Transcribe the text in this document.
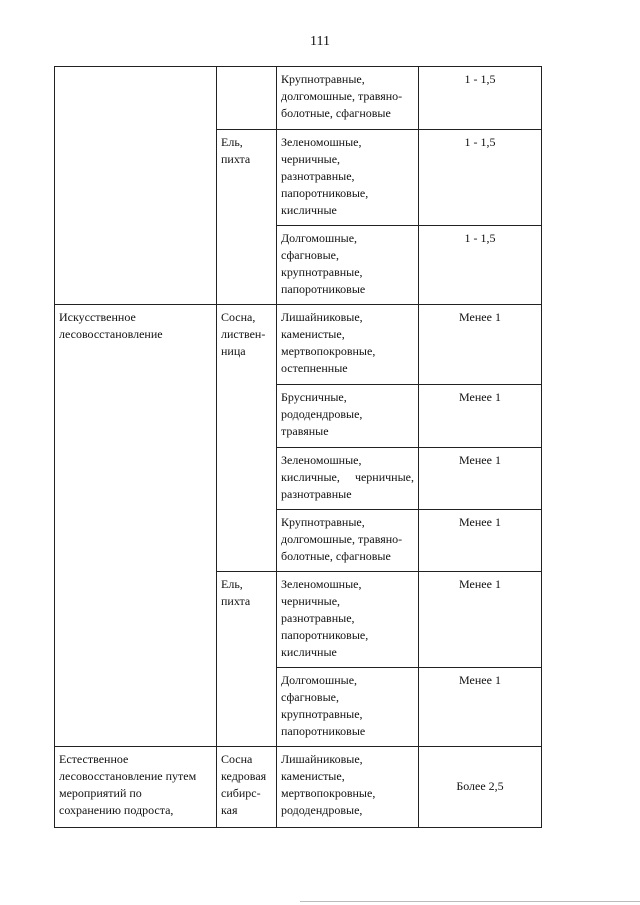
111

		Крупнотравные,
долгомошные, травяно-
болотные, сфагновые	1 - 1,5

	Ель,
пихта	Зеленомошные,
черничные,
разнотравные,
папоротниковые,
кисличные	1 - 1,5

		Долгомошные,
сфагновые,
крупнотравные,
папоротниковые	1 - 1,5

Искусственное
лесовосстановление	Сосна,
листвен-
ница	Лишайниковые,
каменистые,
мертвопокровные,
остепненные	Менее 1

		Брусничные,
рододендровые,
травяные	Менее 1

		Зеленомошные,
кисличные, черничные,
разнотравные	Менее 1

		Крупнотравные,
долгомошные, травяно-
болотные, сфагновые	Менее 1

	Ель,
пихта	Зеленомошные,
черничные,
разнотравные,
папоротниковые,
кисличные	Менее 1

		Долгомошные,
сфагновые,
крупнотравные,
папоротниковые	Менее 1

Естественное
лесовосстановление путем
мероприятий по
сохранению подроста,	Сосна
кедровая
сибирс-
кая	Лишайниковые,
каменистые,
мертвопокровные,
рододендровые,	Более 2,5
